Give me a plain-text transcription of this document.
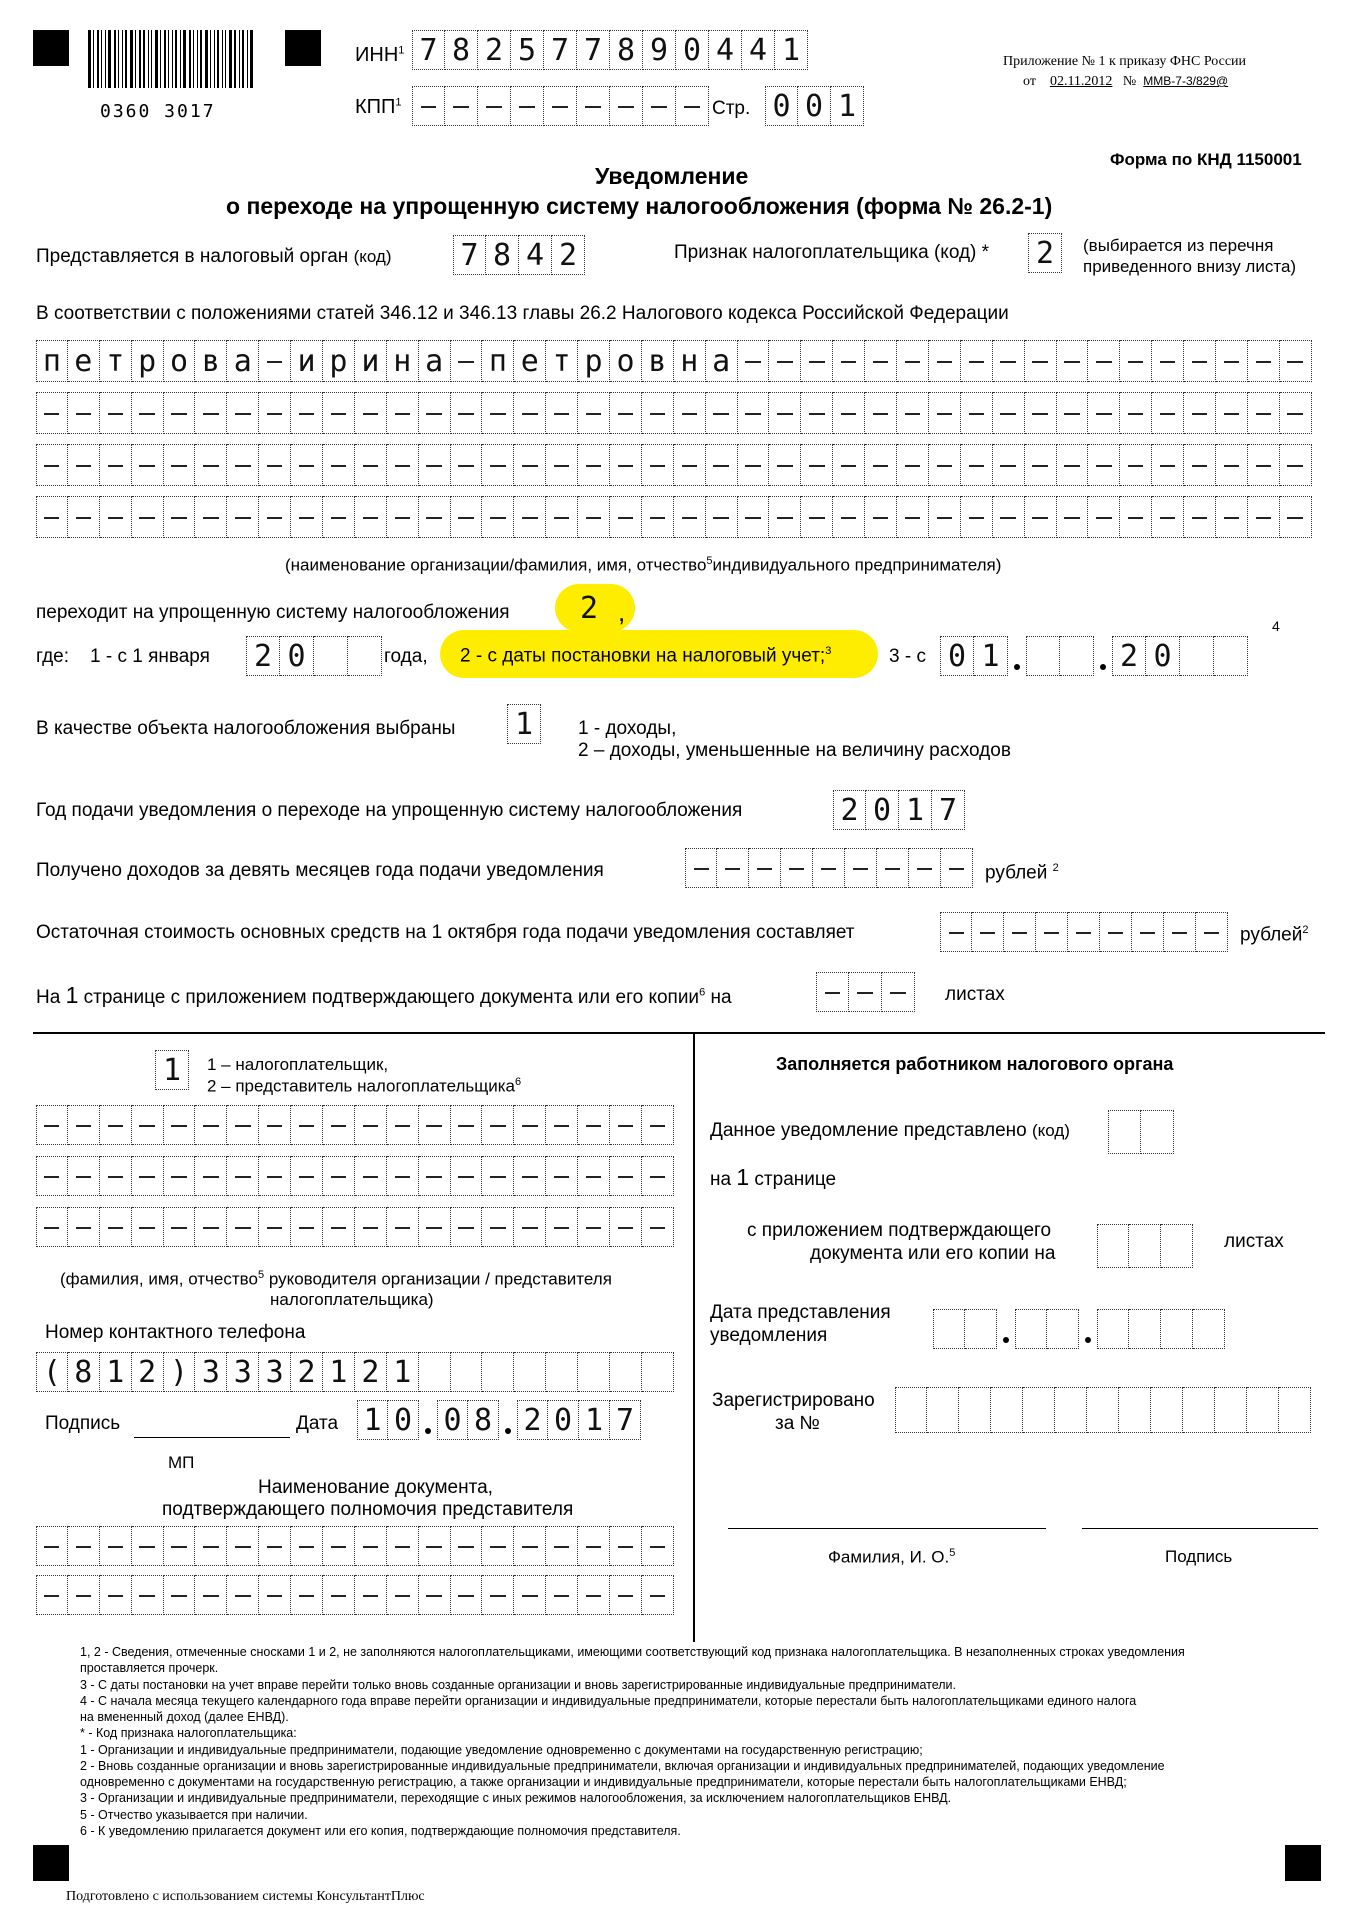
0360 3017
ИНН$^1$ 7 8 2 5 7 7 8 9 0 4 4 1
КПП$^1$	Стр. 0 0 1
Приложение № 1 к приказу ФНС России
от 02.11.2012 № ММВ-7-3/829@
Форма по КНД 1150001
Уведомление
о переходе на упрощенную систему налогообложения (форма № 26.2-1)
Представляется в налоговый орган (код) 7 8 4 2	Признак налогоплательщика (код) * 2	(выбирается из перечня
приведенного внизу листа)
В соответствии с положениями статей 346.12 и 346.13 главы 26.2 Налогового кодекса Российской Федерации
п е т р о в а и р и н а п е т р о в н а
(наименование организации/фамилия, имя, отчество$^5$индивидуального предпринимателя)
переходит на упрощенную систему налогообложения 2 ,
где: 1 - с 1 января 2 0	года, 2 - с даты постановки на налоговый учет;$^3$	3 - с
4
0 1	2 0
В качестве объекта налогообложения выбраны 1	1 - доходы,
2 – доходы, уменьшенные на величину расходов
Год подачи уведомления о переходе на упрощенную систему налогообложения	2 0 1 7
Получено доходов за девять месяцев года подачи уведомления	рублей $^2$
Остаточная стоимость основных средств на 1 октября года подачи уведомления составляет	рублей$^2$
На 1 странице с приложением подтверждающего документа или его копии$^6$ на	листах
1	1 – налогоплательщик,
2 – представитель налогоплательщика$^6$
(фамилия, имя, отчество$^5$ руководителя организации / представителя
налогоплательщика)
Номер контактного телефона
( 8 1 2 ) 3 3 3 2 1 2 1
Подпись	Дата 1 0 0 8 2 0 1 7
МП
Наименование документа,
подтверждающего полномочия представителя
Заполняется работником налогового органа
Данное уведомление представлено (код)
на 1 странице
с приложением подтверждающего
документа или его копии на
листах
Дата представления
уведомления
Зарегистрировано
за №
Фамилия, И. О.$^5$	Подпись
1, 2 - Сведения, отмеченные сносками 1 и 2, не заполняются налогоплательщиками, имеющими соответствующий код признака налогоплательщика. В незаполненных строках уведомления
проставляется прочерк.
3 - С даты постановки на учет вправе перейти только вновь созданные организации и вновь зарегистрированные индивидуальные предприниматели.
4 - С начала месяца текущего календарного года вправе перейти организации и индивидуальные предприниматели, которые перестали быть налогоплательщиками единого налога
на вмененный доход (далее ЕНВД).
* - Код признака налогоплательщика:
1 - Организации и индивидуальные предприниматели, подающие уведомление одновременно с документами на государственную регистрацию;
2 - Вновь созданные организации и вновь зарегистрированные индивидуальные предприниматели, включая организации и индивидуальных предпринимателей, подающих уведомление
одновременно с документами на государственную регистрацию, а также организации и индивидуальные предприниматели, которые перестали быть налогоплательщиками ЕНВД;
3 - Организации и индивидуальные предприниматели, переходящие с иных режимов налогообложения, за исключением налогоплательщиков ЕНВД.
5 - Отчество указывается при наличии.
6 - К уведомлению прилагается документ или его копия, подтверждающие полномочия представителя.
Подготовлено с использованием системы КонсультантПлюс
